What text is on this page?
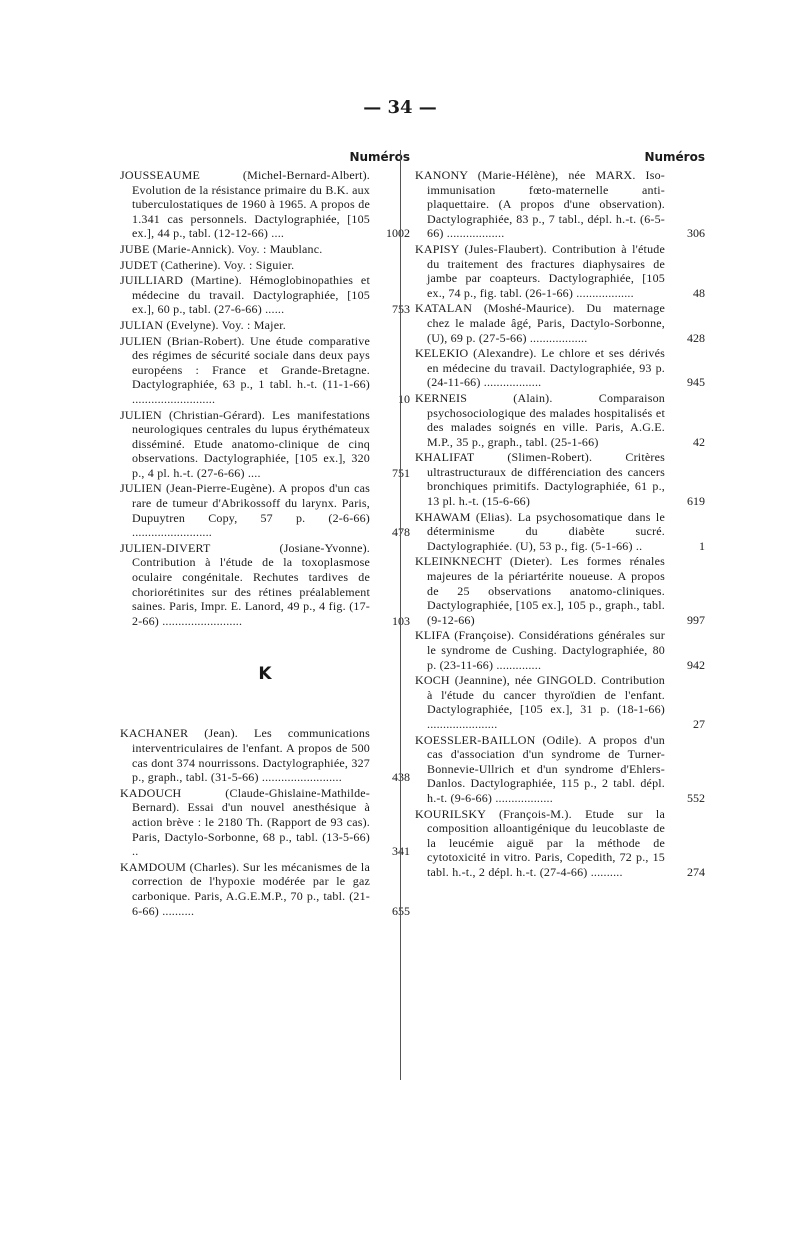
— 34 —
Numéros

JOUSSEAUME (Michel-Bernard-Albert). Evolution de la résistance primaire du B.K. aux tuberculostatiques de 1960 à 1965. A propos de 1.341 cas personnels. Dactylographiée, [105 ex.], 44 p., tabl. (12-12-66) ....	1002

JUBE (Marie-Annick). Voy. : Maublanc.

JUDET (Catherine). Voy. : Siguier.

JUILLIARD (Martine). Hémoglobinopathies et médecine du travail. Dactylographiée, [105 ex.], 60 p., tabl. (27-6-66) ......	753

JULIAN (Evelyne). Voy. : Majer.

JULIEN (Brian-Robert). Une étude comparative des régimes de sécurité sociale dans deux pays européens : France et Grande-Bretagne. Dactylographiée, 63 p., 1 tabl. h.-t. (11-1-66) ..........................	10

JULIEN (Christian-Gérard). Les manifestations neurologiques centrales du lupus érythémateux disséminé. Etude anatomo-clinique de cinq observations. Dactylographiée, [105 ex.], 320 p., 4 pl. h.-t. (27-6-66) ....	751

JULIEN (Jean-Pierre-Eugène). A propos d'un cas rare de tumeur d'Abrikossoff du larynx. Paris, Dupuytren Copy, 57 p. (2-6-66) .........................	478

JULIEN-DIVERT (Josiane-Yvonne). Contribution à l'étude de la toxoplasmose oculaire congénitale. Rechutes tardives de choriorétinites sur des rétines préalablement saines. Paris, Impr. E. Lanord, 49 p., 4 fig. (17-2-66) .........................	103

K

KACHANER (Jean). Les communications interventriculaires de l'enfant. A propos de 500 cas dont 374 nourrissons. Dactylographiée, 327 p., graph., tabl. (31-5-66) .........................	438

KADOUCH (Claude-Ghislaine-Mathilde-Bernard). Essai d'un nouvel anesthésique à action brève : le 2180 Th. (Rapport de 93 cas). Paris, Dactylo-Sorbonne, 68 p., tabl. (13-5-66) ..	341

KAMDOUM (Charles). Sur les mécanismes de la correction de l'hypoxie modérée par le gaz carbonique. Paris, A.G.E.M.P., 70 p., tabl. (21-6-66) ..........	655

Numéros

KANONY (Marie-Hélène), née MARX. Iso-immunisation fœto-maternelle anti-plaquettaire. (A propos d'une observation). Dactylographiée, 83 p., 7 tabl., dépl. h.-t. (6-5-66) ..................	306

KAPISY (Jules-Flaubert). Contribution à l'étude du traitement des fractures diaphysaires de jambe par coapteurs. Dactylographiée, [105 ex., 74 p., fig. tabl. (26-1-66) ..................	48

KATALAN (Moshé-Maurice). Du maternage chez le malade âgé, Paris, Dactylo-Sorbonne, (U), 69 p. (27-5-66) ..................	428

KELEKIO (Alexandre). Le chlore et ses dérivés en médecine du travail. Dactylographiée, 93 p. (24-11-66) ..................	945

KERNEIS (Alain). Comparaison psychosociologique des malades hospitalisés et des malades soignés en ville. Paris, A.G.E. M.P., 35 p., graph., tabl. (25-1-66)	42

KHALIFAT (Slimen-Robert). Critères ultrastructuraux de différenciation des cancers bronchiques primitifs. Dactylographiée, 61 p., 13 pl. h.-t. (15-6-66)	619

KHAWAM (Elias). La psychosomatique dans le déterminisme du diabète sucré. Dactylographiée. (U), 53 p., fig. (5-1-66) ..	1

KLEINKNECHT (Dieter). Les formes rénales majeures de la périartérite noueuse. A propos de 25 observations anatomo-cliniques. Dactylographiée, [105 ex.], 105 p., graph., tabl. (9-12-66)	997

KLIFA (Françoise). Considérations générales sur le syndrome de Cushing. Dactylographiée, 80 p. (23-11-66) ..............	942

KOCH (Jeannine), née GINGOLD. Contribution à l'étude du cancer thyroïdien de l'enfant. Dactylographiée, [105 ex.], 31 p. (18-1-66) ......................	27

KOESSLER-BAILLON (Odile). A propos d'un cas d'association d'un syndrome de Turner-Bonnevie-Ullrich et d'un syndrome d'Ehlers-Danlos. Dactylographiée, 115 p., 2 tabl. dépl. h.-t. (9-6-66) ..................	552

KOURILSKY (François-M.). Etude sur la composition alloantigénique du leucoblaste de la leucémie aiguë par la méthode de cytotoxicité in vitro. Paris, Copedith, 72 p., 15 tabl. h.-t., 2 dépl. h.-t. (27-4-66) ..........	274
